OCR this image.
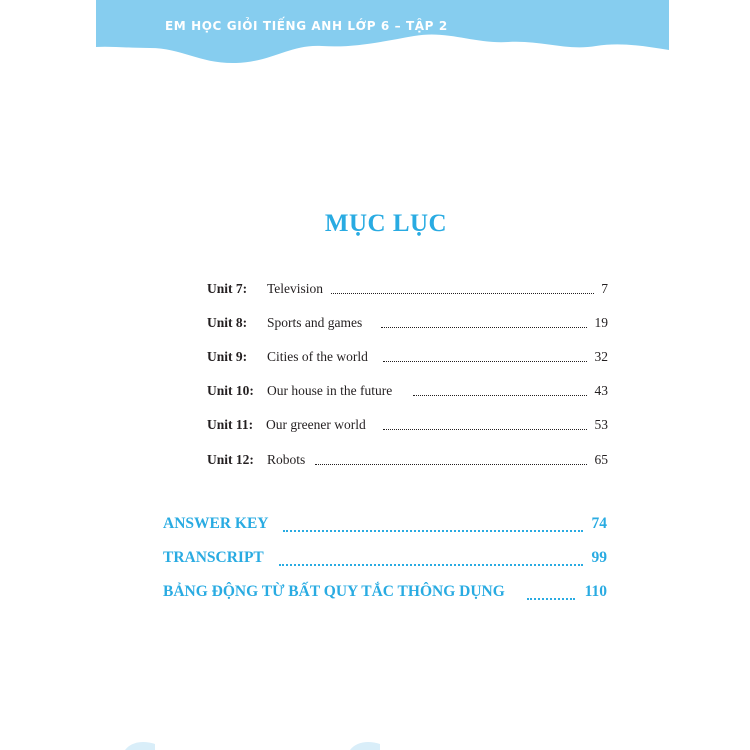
EM HỌC GIỎI TIẾNG ANH LỚP 6 – TẬP 2
MỤC LỤC
Unit 7: Television	7
Unit 8: Sports and games	19
Unit 9: Cities of the world	32
Unit 10: Our house in the future	43
Unit 11: Our greener world	53
Unit 12: Robots	65
ANSWER KEY	74
TRANSCRIPT	99
BẢNG ĐỘNG TỪ BẤT QUY TẮC THÔNG DỤNG	110
